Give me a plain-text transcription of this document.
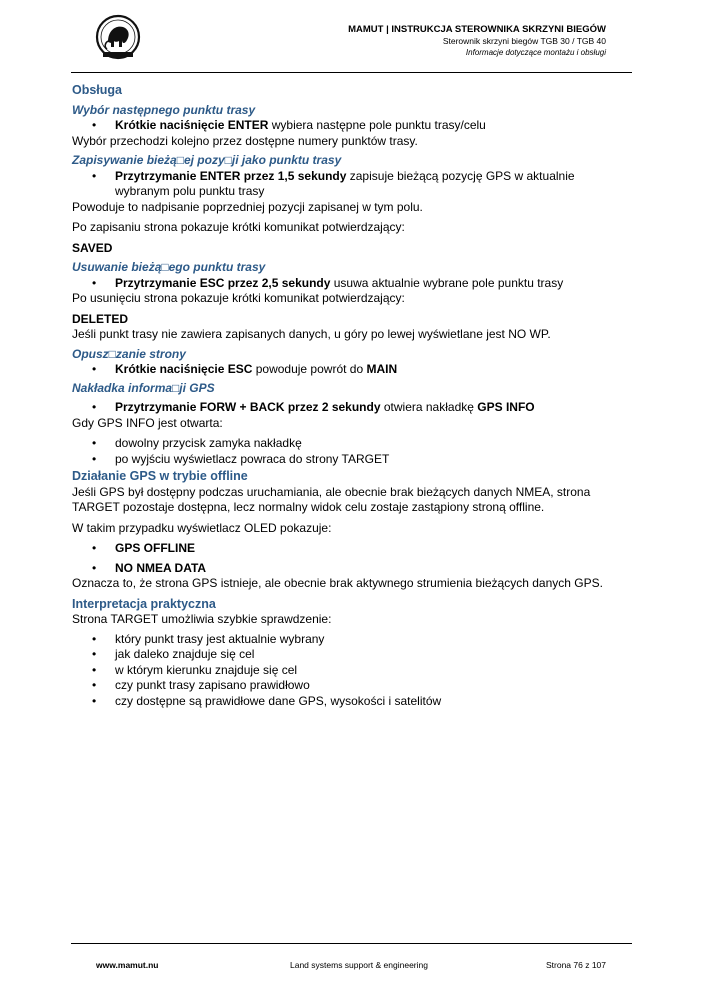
MAMUT | INSTRUKCJA STEROWNIKA SKRZYNI BIEGÓW
Sterownik skrzyni biegów TGB 30 / TGB 40
Informacje dotyczące montażu i obsługi
Obsługa
Wybór następnego punktu trasy
• Krótkie naciśnięcie ENTER wybiera następne pole punktu trasy/celu

Wybór przechodzi kolejno przez dostępne numery punktów trasy.

Zapisywanie bieżą□ej pozy□ji jako punktu trasy
• Przytrzymanie ENTER przez 1,5 sekundy zapisuje bieżącą pozycję GPS w aktualnie wybranym polu punktu trasy

Powoduje to nadpisanie poprzedniej pozycji zapisanej w tym polu.

Po zapisaniu strona pokazuje krótki komunikat potwierdzający:

SAVED

Usuwanie bieżą□ego punktu trasy
• Przytrzymanie ESC przez 2,5 sekundy usuwa aktualnie wybrane pole punktu trasy

Po usunięciu strona pokazuje krótki komunikat potwierdzający:

DELETED

Jeśli punkt trasy nie zawiera zapisanych danych, u góry po lewej wyświetlane jest NO WP.

Opusz□zanie strony
• Krótkie naciśnięcie ESC powoduje powrót do MAIN
Nakładka informa□ji GPS
• Przytrzymanie FORW + BACK przez 2 sekundy otwiera nakładkę GPS INFO

Gdy GPS INFO jest otwarta:

• dowolny przycisk zamyka nakładkę
• po wyjściu wyświetlacz powraca do strony TARGET
Działanie GPS w trybie offline

Jeśli GPS był dostępny podczas uruchamiania, ale obecnie brak bieżących danych NMEA, strona TARGET pozostaje dostępna, lecz normalny widok celu zostaje zastąpiony stroną offline.

W takim przypadku wyświetlacz OLED pokazuje:

• GPS OFFLINE
• NO NMEA DATA

Oznacza to, że strona GPS istnieje, ale obecnie brak aktywnego strumienia bieżących danych GPS.

Interpretacja praktyczna

Strona TARGET umożliwia szybkie sprawdzenie:

• który punkt trasy jest aktualnie wybrany
• jak daleko znajduje się cel
• w którym kierunku znajduje się cel
• czy punkt trasy zapisano prawidłowo
• czy dostępne są prawidłowe dane GPS, wysokości i satelitów
www.mamut.nu	Land systems support & engineering	Strona 76 z 107
